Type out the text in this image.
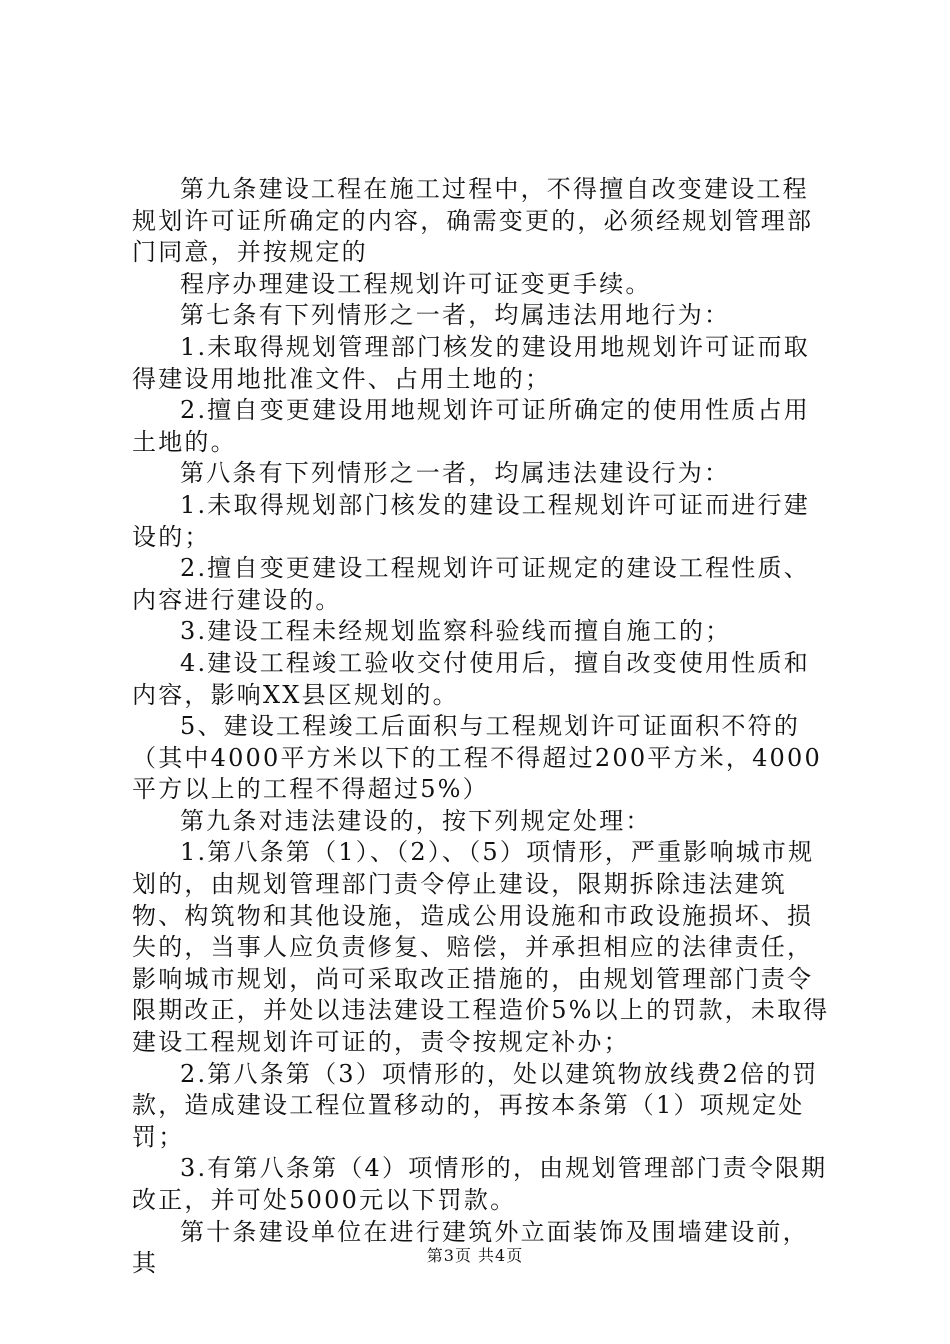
第九条建设工程在施工过程中，不得擅自改变建设工程规划许可证所确定的内容，确需变更的，必须经规划管理部门同意，并按规定的

程序办理建设工程规划许可证变更手续。

第七条有下列情形之一者，均属违法用地行为：

1.未取得规划管理部门核发的建设用地规划许可证而取得建设用地批准文件、占用土地的；

2.擅自变更建设用地规划许可证所确定的使用性质占用土地的。

第八条有下列情形之一者，均属违法建设行为：

1.未取得规划部门核发的建设工程规划许可证而进行建设的；

2.擅自变更建设工程规划许可证规定的建设工程性质、内容进行建设的。

3.建设工程未经规划监察科验线而擅自施工的；

4.建设工程竣工验收交付使用后，擅自改变使用性质和内容，影响XX县区规划的。

5、建设工程竣工后面积与工程规划许可证面积不符的（其中4000平方米以下的工程不得超过200平方米，4000平方以上的工程不得超过5%）

第九条对违法建设的，按下列规定处理：

1.第八条第（1）、（2）、（5）项情形，严重影响城市规划的，由规划管理部门责令停止建设，限期拆除违法建筑物、构筑物和其他设施，造成公用设施和市政设施损坏、损失的，当事人应负责修复、赔偿，并承担相应的法律责任，影响城市规划，尚可采取改正措施的，由规划管理部门责令限期改正，并处以违法建设工程造价5%以上的罚款，未取得建设工程规划许可证的，责令按规定补办；

2.第八条第（3）项情形的，处以建筑物放线费2倍的罚款，造成建设工程位置移动的，再按本条第（1）项规定处罚；

3.有第八条第（4）项情形的，由规划管理部门责令限期改正，并可处5000元以下罚款。

第十条建设单位在进行建筑外立面装饰及围墙建设前，其	第3页 共4页
